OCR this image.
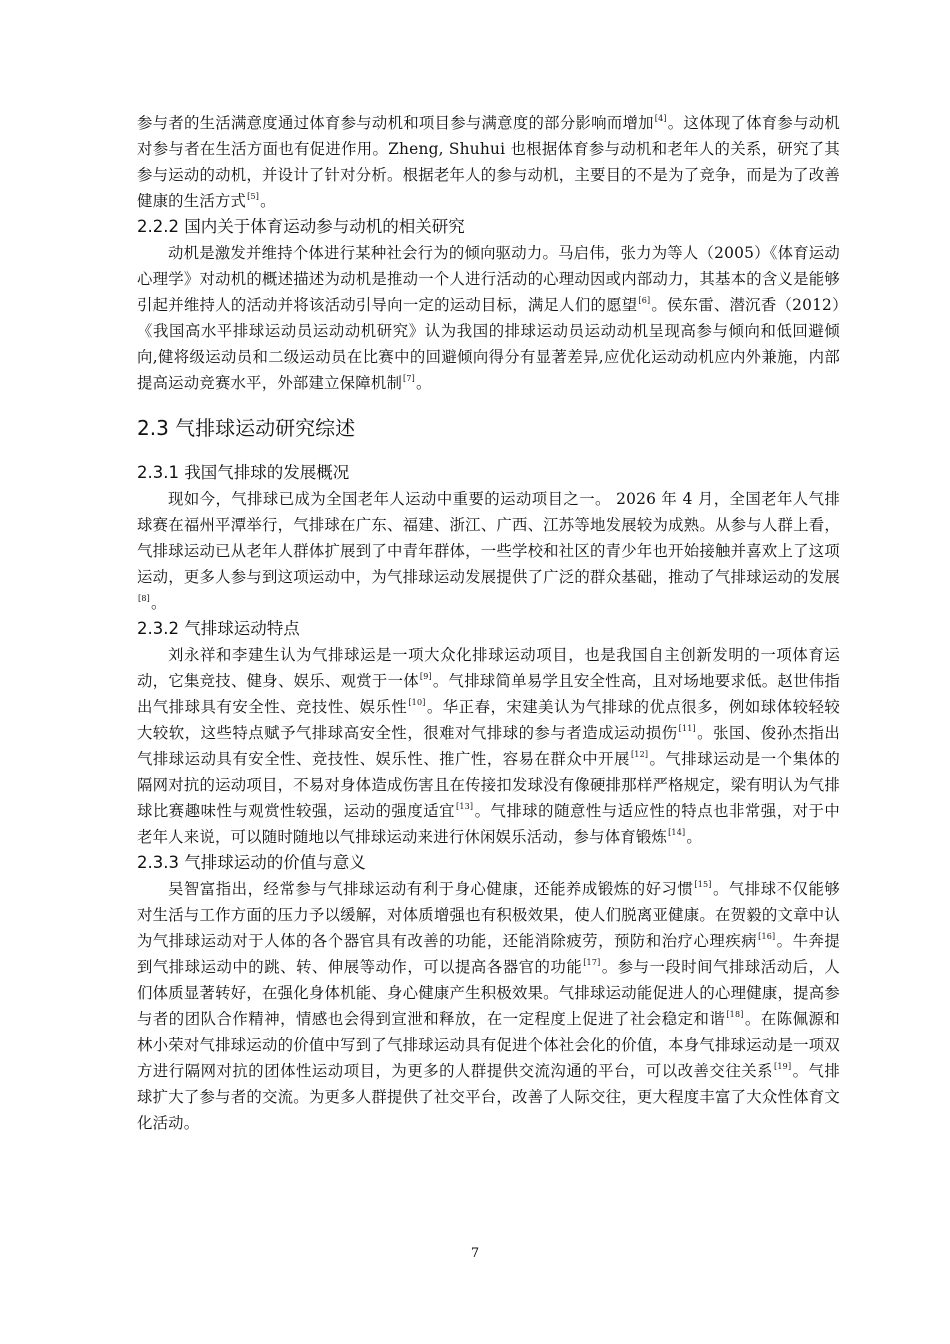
参与者的生活满意度通过体育参与动机和项目参与满意度的部分影响而增加[4]。这体现了体育参与动机对参与者在生活方面也有促进作用。Zheng, Shuhui 也根据体育参与动机和老年人的关系，研究了其参与运动的动机，并设计了针对分析。根据老年人的参与动机，主要目的不是为了竞争，而是为了改善健康的生活方式[5]。

2.2.2 国内关于体育运动参与动机的相关研究

动机是激发并维持个体进行某种社会行为的倾向驱动力。马启伟，张力为等人（2005）《体育运动心理学》对动机的概述描述为动机是推动一个人进行活动的心理动因或内部动力，其基本的含义是能够引起并维持人的活动并将该活动引导向一定的运动目标，满足人们的愿望[6]。侯东雷、潜沉香（2012）《我国高水平排球运动员运动动机研究》认为我国的排球运动员运动动机呈现高参与倾向和低回避倾向,健将级运动员和二级运动员在比赛中的回避倾向得分有显著差异,应优化运动动机应内外兼施，内部提高运动竞赛水平，外部建立保障机制[7]。

2.3 气排球运动研究综述
2.3.1 我国气排球的发展概况

现如今，气排球已成为全国老年人运动中重要的运动项目之一。 2026 年 4 月，全国老年人气排球赛在福州平潭举行，气排球在广东、福建、浙江、广西、江苏等地发展较为成熟。从参与人群上看，气排球运动已从老年人群体扩展到了中青年群体，一些学校和社区的青少年也开始接触并喜欢上了这项运动，更多人参与到这项运动中，为气排球运动发展提供了广泛的群众基础，推动了气排球运动的发展[8]。

2.3.2 气排球运动特点

刘永祥和李建生认为气排球运是一项大众化排球运动项目，也是我国自主创新发明的一项体育运动，它集竞技、健身、娱乐、观赏于一体[9]。气排球简单易学且安全性高，且对场地要求低。赵世伟指出气排球具有安全性、竞技性、娱乐性[10]。华正春，宋建美认为气排球的优点很多，例如球体较轻较大较软，这些特点赋予气排球高安全性，很难对气排球的参与者造成运动损伤[11]。张国、俊孙杰指出气排球运动具有安全性、竞技性、娱乐性、推广性，容易在群众中开展[12]。气排球运动是一个集体的隔网对抗的运动项目，不易对身体造成伤害且在传接扣发球没有像硬排那样严格规定，梁有明认为气排球比赛趣味性与观赏性较强，运动的强度适宜[13]。气排球的随意性与适应性的特点也非常强，对于中老年人来说，可以随时随地以气排球运动来进行休闲娱乐活动，参与体育锻炼[14]。

2.3.3 气排球运动的价值与意义

吴智富指出，经常参与气排球运动有利于身心健康，还能养成锻炼的好习惯[15]。气排球不仅能够对生活与工作方面的压力予以缓解，对体质增强也有积极效果，使人们脱离亚健康。在贺毅的文章中认为气排球运动对于人体的各个器官具有改善的功能，还能消除疲劳，预防和治疗心理疾病[16]。牛奔提到气排球运动中的跳、转、伸展等动作，可以提高各器官的功能[17]。参与一段时间气排球活动后，人们体质显著转好，在强化身体机能、身心健康产生积极效果。气排球运动能促进人的心理健康，提高参与者的团队合作精神，情感也会得到宣泄和释放，在一定程度上促进了社会稳定和谐[18]。在陈佩源和林小荣对气排球运动的价值中写到了气排球运动具有促进个体社会化的价值，本身气排球运动是一项双方进行隔网对抗的团体性运动项目，为更多的人群提供交流沟通的平台，可以改善交往关系[19]。气排球扩大了参与者的交流。为更多人群提供了社交平台，改善了人际交往，更大程度丰富了大众性体育文化活动。

7
